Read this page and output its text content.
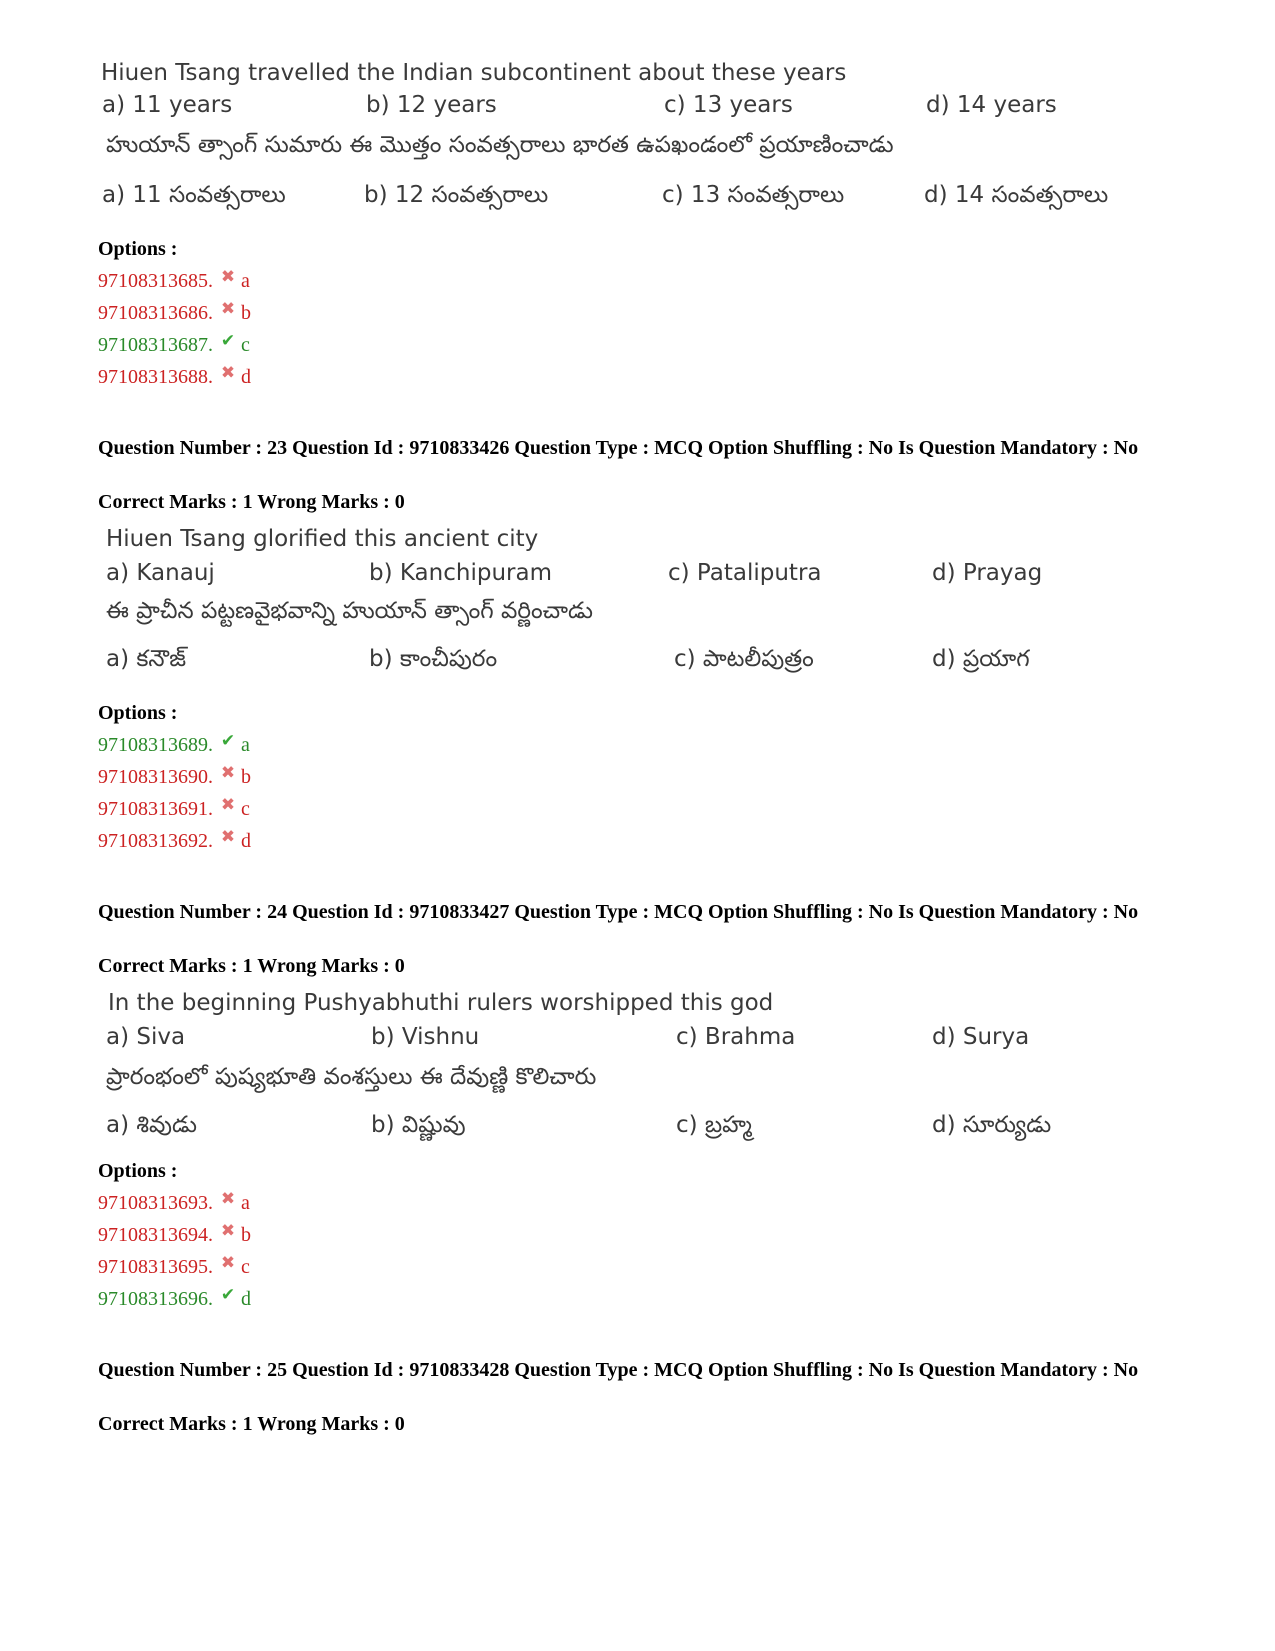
Hiuen Tsang travelled the Indian subcontinent about these years
a) 11 years	b) 12 years	c) 13 years	d) 14 years
హుయాన్ త్సాంగ్ సుమారు ఈ మొత్తం సంవత్సరాలు భారత ఉపఖండంలో ప్రయాణించాడు
a) 11 సంవత్సరాలు	b) 12 సంవత్సరాలు	c) 13 సంవత్సరాలు	d) 14 సంవత్సరాలు
Options :
97108313685. ✖ a
97108313686. ✖ b
97108313687. ✔ c
97108313688. ✖ d
Question Number : 23 Question Id : 9710833426 Question Type : MCQ Option Shuffling : No Is Question Mandatory : No
Correct Marks : 1 Wrong Marks : 0
Hiuen Tsang glorified this ancient city
a) Kanauj	b) Kanchipuram	c) Pataliputra	d) Prayag
ఈ ప్రాచీన పట్టణవైభవాన్ని హుయాన్ త్సాంగ్ వర్ణించాడు
a) కనౌజ్	b) కాంచీపురం	c) పాటలీపుత్రం	d) ప్రయాగ
Options :
97108313689. ✔ a
97108313690. ✖ b
97108313691. ✖ c
97108313692. ✖ d
Question Number : 24 Question Id : 9710833427 Question Type : MCQ Option Shuffling : No Is Question Mandatory : No
Correct Marks : 1 Wrong Marks : 0
In the beginning Pushyabhuthi rulers worshipped this god
a) Siva	b) Vishnu	c) Brahma	d) Surya
ప్రారంభంలో పుష్యభూతి వంశస్తులు ఈ దేవుణ్ణి కొలిచారు
a) శివుడు	b) విష్ణువు	c) బ్రహ్మ	d) సూర్యుడు
Options :
97108313693. ✖ a
97108313694. ✖ b
97108313695. ✖ c
97108313696. ✔ d
Question Number : 25 Question Id : 9710833428 Question Type : MCQ Option Shuffling : No Is Question Mandatory : No
Correct Marks : 1 Wrong Marks : 0
